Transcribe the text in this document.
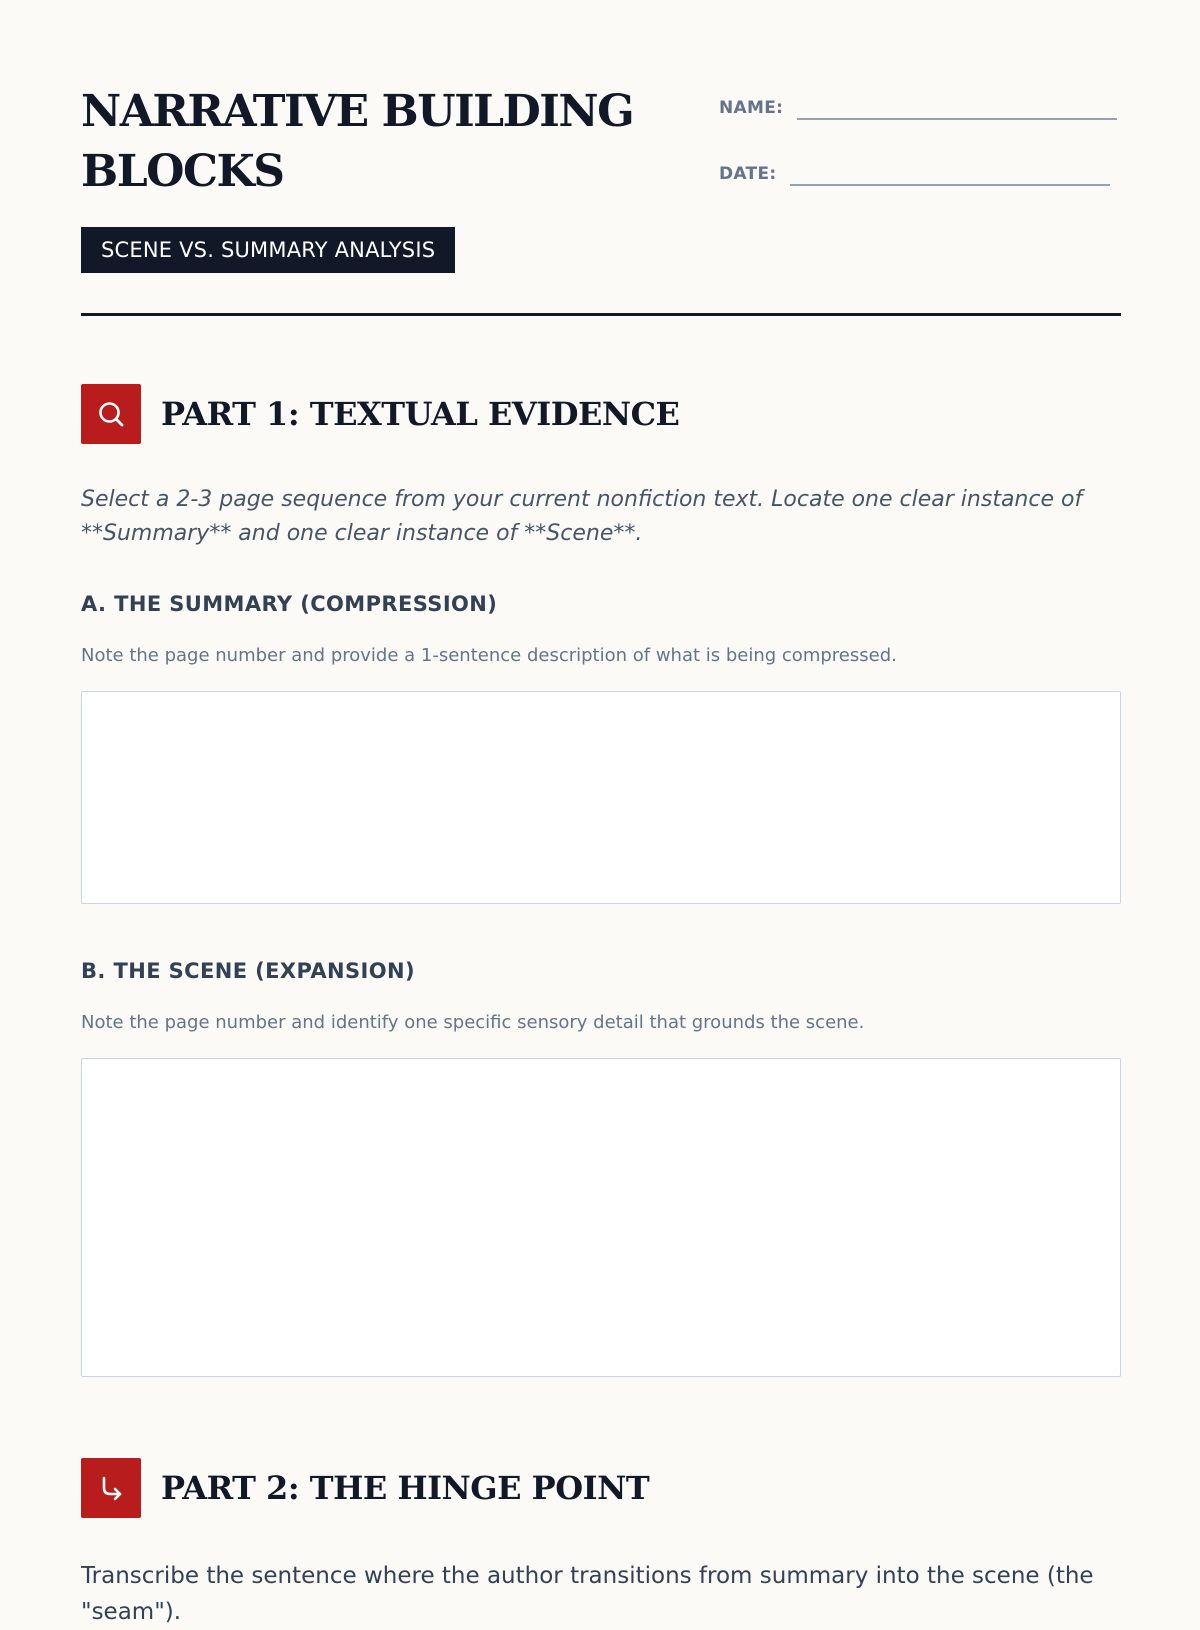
NARRATIVE BUILDING BLOCKS
SCENE VS. SUMMARY ANALYSIS
NAME:
DATE:
PART 1: TEXTUAL EVIDENCE

Select a 2-3 page sequence from your current nonfiction text. Locate one clear instance of **Summary** and one clear instance of **Scene**.

A. THE SUMMARY (COMPRESSION)

Note the page number and provide a 1-sentence description of what is being compressed.

B. THE SCENE (EXPANSION)

Note the page number and identify one specific sensory detail that grounds the scene.

PART 2: THE HINGE POINT

Transcribe the sentence where the author transitions from summary into the scene (the "seam").
